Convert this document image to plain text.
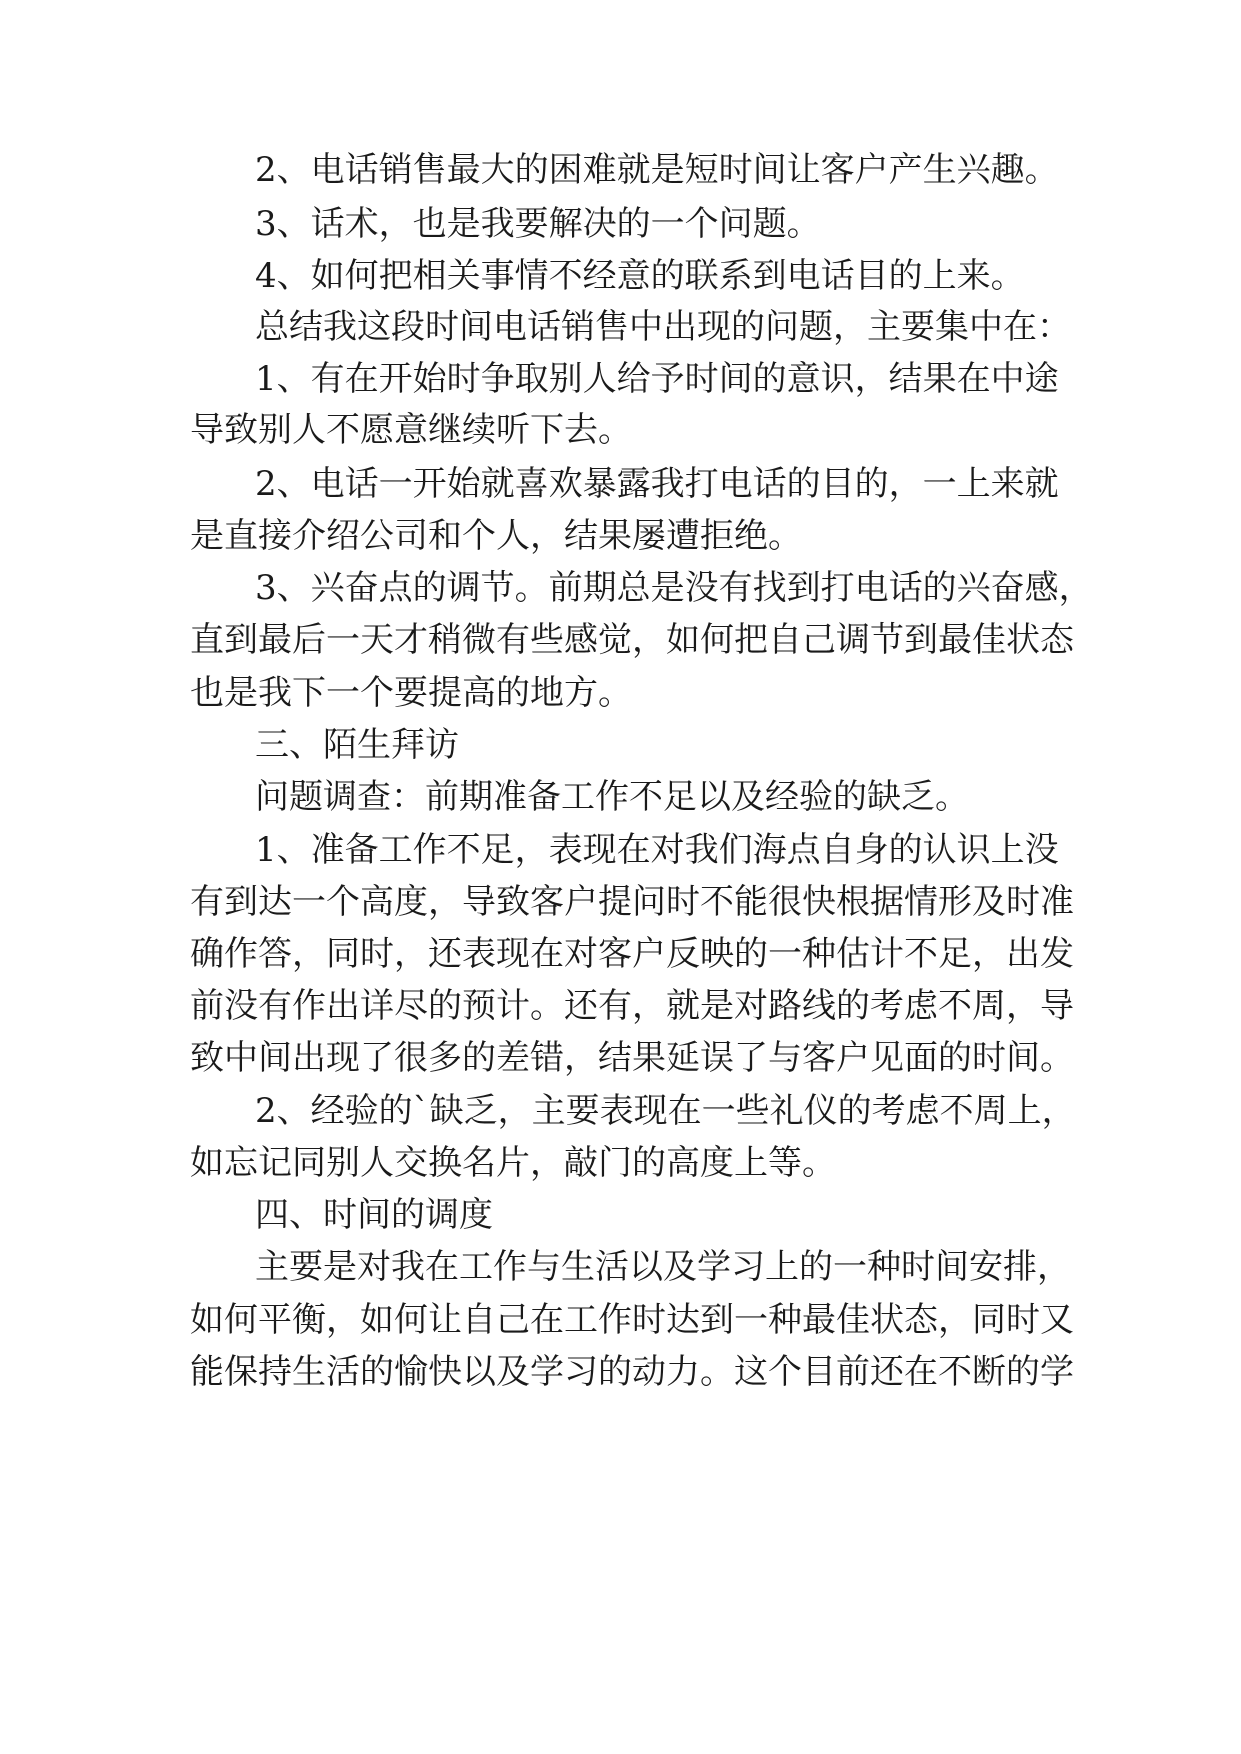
2、电话销售最大的困难就是短时间让客户产生兴趣。
3、话术，也是我要解决的一个问题。
4、如何把相关事情不经意的联系到电话目的上来。
总结我这段时间电话销售中出现的问题，主要集中在：
1、有在开始时争取别人给予时间的意识，结果在中途
导致别人不愿意继续听下去。
2、电话一开始就喜欢暴露我打电话的目的，一上来就
是直接介绍公司和个人，结果屡遭拒绝。
3、兴奋点的调节。前期总是没有找到打电话的兴奋感，
直到最后一天才稍微有些感觉，如何把自己调节到最佳状态
也是我下一个要提高的地方。
三、陌生拜访
问题调查：前期准备工作不足以及经验的缺乏。
1、准备工作不足，表现在对我们海点自身的认识上没
有到达一个高度，导致客户提问时不能很快根据情形及时准
确作答，同时，还表现在对客户反映的一种估计不足，出发
前没有作出详尽的预计。还有，就是对路线的考虑不周，导
致中间出现了很多的差错，结果延误了与客户见面的时间。
2、经验的`缺乏，主要表现在一些礼仪的考虑不周上，
如忘记同别人交换名片，敲门的高度上等。
四、时间的调度
主要是对我在工作与生活以及学习上的一种时间安排，
如何平衡，如何让自己在工作时达到一种最佳状态，同时又
能保持生活的愉快以及学习的动力。这个目前还在不断的学
